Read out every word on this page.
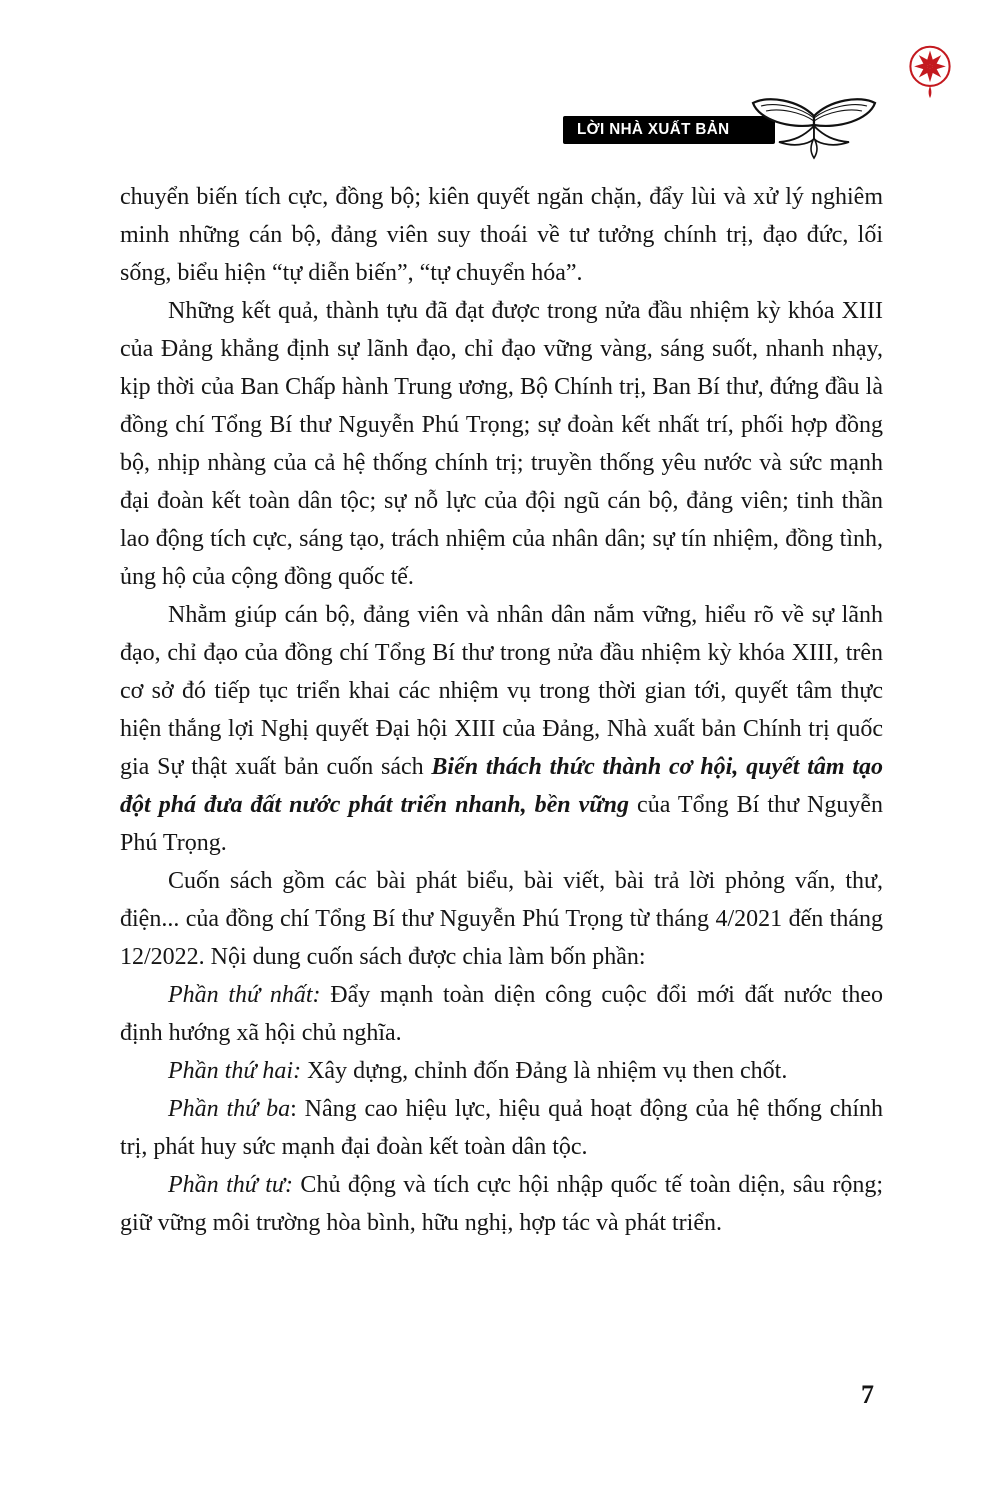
LỜI NHÀ XUẤT BẢN

chuyển biến tích cực, đồng bộ; kiên quyết ngăn chặn, đẩy lùi và xử lý nghiêm minh những cán bộ, đảng viên suy thoái về tư tưởng chính trị, đạo đức, lối sống, biểu hiện “tự diễn biến”, “tự chuyển hóa”.

Những kết quả, thành tựu đã đạt được trong nửa đầu nhiệm kỳ khóa XIII của Đảng khẳng định sự lãnh đạo, chỉ đạo vững vàng, sáng suốt, nhanh nhạy, kịp thời của Ban Chấp hành Trung ương, Bộ Chính trị, Ban Bí thư, đứng đầu là đồng chí Tổng Bí thư Nguyễn Phú Trọng; sự đoàn kết nhất trí, phối hợp đồng bộ, nhịp nhàng của cả hệ thống chính trị; truyền thống yêu nước và sức mạnh đại đoàn kết toàn dân tộc; sự nỗ lực của đội ngũ cán bộ, đảng viên; tinh thần lao động tích cực, sáng tạo, trách nhiệm của nhân dân; sự tín nhiệm, đồng tình, ủng hộ của cộng đồng quốc tế.

Nhằm giúp cán bộ, đảng viên và nhân dân nắm vững, hiểu rõ về sự lãnh đạo, chỉ đạo của đồng chí Tổng Bí thư trong nửa đầu nhiệm kỳ khóa XIII, trên cơ sở đó tiếp tục triển khai các nhiệm vụ trong thời gian tới, quyết tâm thực hiện thắng lợi Nghị quyết Đại hội XIII của Đảng, Nhà xuất bản Chính trị quốc gia Sự thật xuất bản cuốn sách Biến thách thức thành cơ hội, quyết tâm tạo đột phá đưa đất nước phát triển nhanh, bền vững của Tổng Bí thư Nguyễn Phú Trọng.

Cuốn sách gồm các bài phát biểu, bài viết, bài trả lời phỏng vấn, thư, điện... của đồng chí Tổng Bí thư Nguyễn Phú Trọng từ tháng 4/2021 đến tháng 12/2022. Nội dung cuốn sách được chia làm bốn phần:

Phần thứ nhất: Đẩy mạnh toàn diện công cuộc đổi mới đất nước theo định hướng xã hội chủ nghĩa.

Phần thứ hai: Xây dựng, chỉnh đốn Đảng là nhiệm vụ then chốt.

Phần thứ ba: Nâng cao hiệu lực, hiệu quả hoạt động của hệ thống chính trị, phát huy sức mạnh đại đoàn kết toàn dân tộc.

Phần thứ tư: Chủ động và tích cực hội nhập quốc tế toàn diện, sâu rộng; giữ vững môi trường hòa bình, hữu nghị, hợp tác và phát triển.

7
